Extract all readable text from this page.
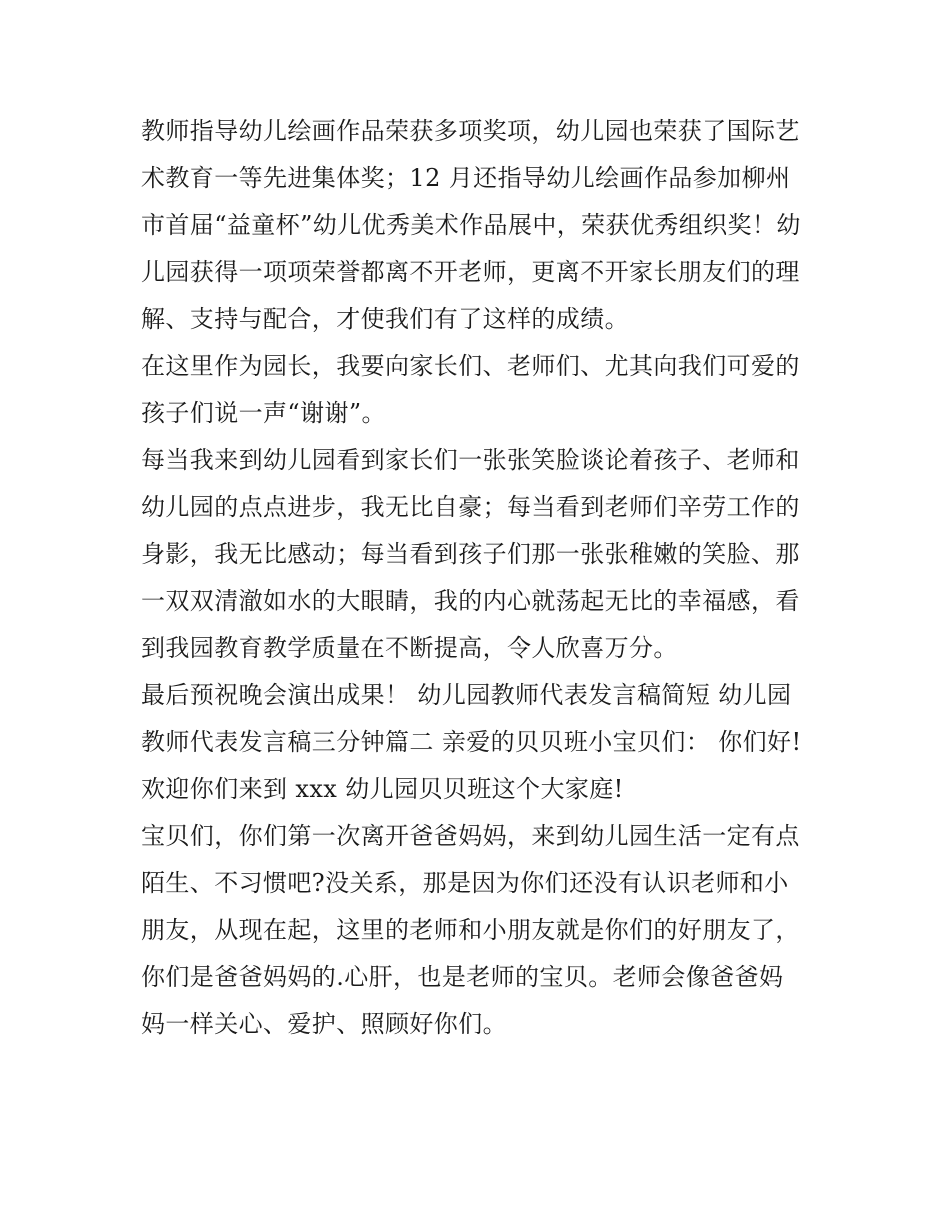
教师指导幼儿绘画作品荣获多项奖项，幼儿园也荣获了国际艺
术教育一等先进集体奖；12 月还指导幼儿绘画作品参加柳州
市首届“益童杯”幼儿优秀美术作品展中，荣获优秀组织奖！幼
儿园获得一项项荣誉都离不开老师，更离不开家长朋友们的理
解、支持与配合，才使我们有了这样的成绩。
在这里作为园长，我要向家长们、老师们、尤其向我们可爱的
孩子们说一声“谢谢”。
每当我来到幼儿园看到家长们一张张笑脸谈论着孩子、老师和
幼儿园的点点进步，我无比自豪；每当看到老师们辛劳工作的
身影，我无比感动；每当看到孩子们那一张张稚嫩的笑脸、那
一双双清澈如水的大眼睛，我的内心就荡起无比的幸福感，看
到我园教育教学质量在不断提高，令人欣喜万分。
最后预祝晚会演出成果！ 幼儿园教师代表发言稿简短 幼儿园
教师代表发言稿三分钟篇二 亲爱的贝贝班小宝贝们： 你们好!
欢迎你们来到 xxx 幼儿园贝贝班这个大家庭!
宝贝们，你们第一次离开爸爸妈妈，来到幼儿园生活一定有点
陌生、不习惯吧?没关系，那是因为你们还没有认识老师和小
朋友，从现在起，这里的老师和小朋友就是你们的好朋友了，
你们是爸爸妈妈的.心肝，也是老师的宝贝。老师会像爸爸妈
妈一样关心、爱护、照顾好你们。
